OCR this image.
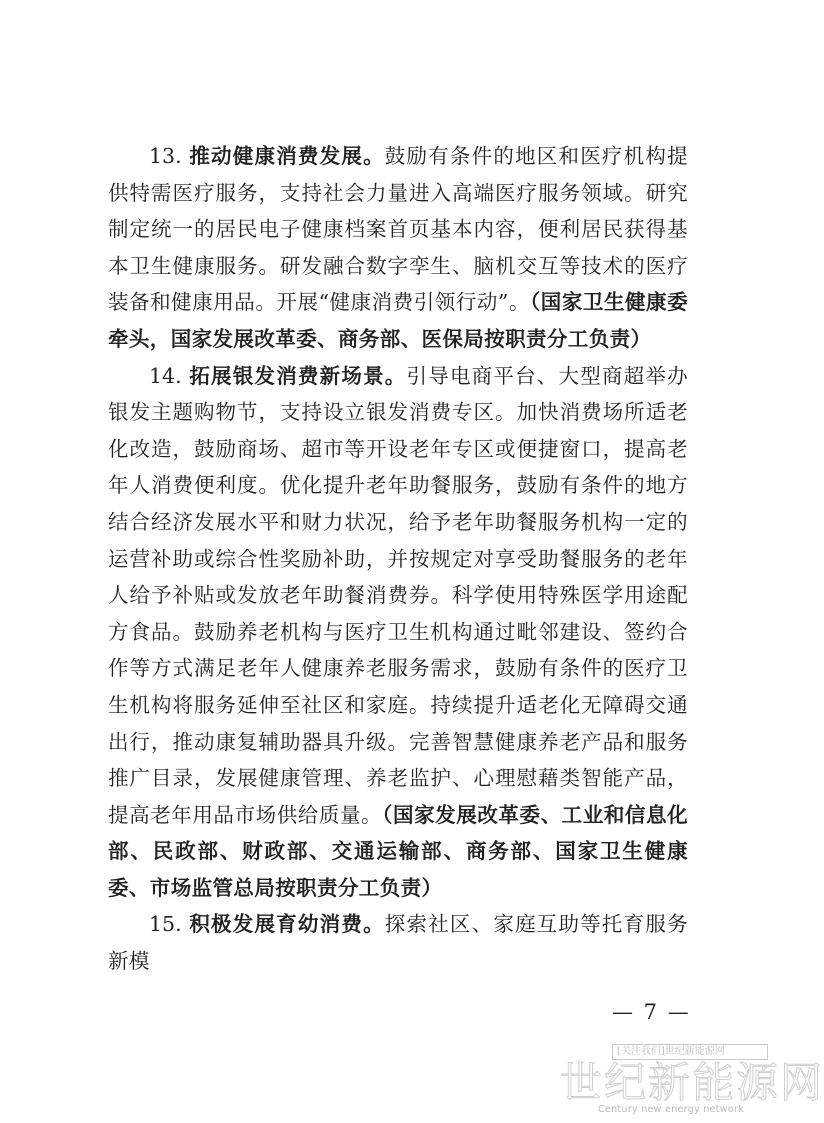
13. 推动健康消费发展。鼓励有条件的地区和医疗机构提供特需医疗服务，支持社会力量进入高端医疗服务领域。研究制定统一的居民电子健康档案首页基本内容，便利居民获得基本卫生健康服务。研发融合数字孪生、脑机交互等技术的医疗装备和健康用品。开展“健康消费引领行动”。（国家卫生健康委牵头，国家发展改革委、商务部、医保局按职责分工负责）

14. 拓展银发消费新场景。引导电商平台、大型商超举办银发主题购物节，支持设立银发消费专区。加快消费场所适老化改造，鼓励商场、超市等开设老年专区或便捷窗口，提高老年人消费便利度。优化提升老年助餐服务，鼓励有条件的地方结合经济发展水平和财力状况，给予老年助餐服务机构一定的运营补助或综合性奖励补助，并按规定对享受助餐服务的老年人给予补贴或发放老年助餐消费券。科学使用特殊医学用途配方食品。鼓励养老机构与医疗卫生机构通过毗邻建设、签约合作等方式满足老年人健康养老服务需求，鼓励有条件的医疗卫生机构将服务延伸至社区和家庭。持续提升适老化无障碍交通出行，推动康复辅助器具升级。完善智慧健康养老产品和服务推广目录，发展健康管理、养老监护、心理慰藉类智能产品，提高老年用品市场供给质量。（国家发展改革委、工业和信息化部、民政部、财政部、交通运输部、商务部、国家卫生健康委、市场监管总局按职责分工负责）

15. 积极发展育幼消费。探索社区、家庭互助等托育服务新模

— 7 —
[关注我们]世纪新能源网
世纪新能源网
Century new energy network
